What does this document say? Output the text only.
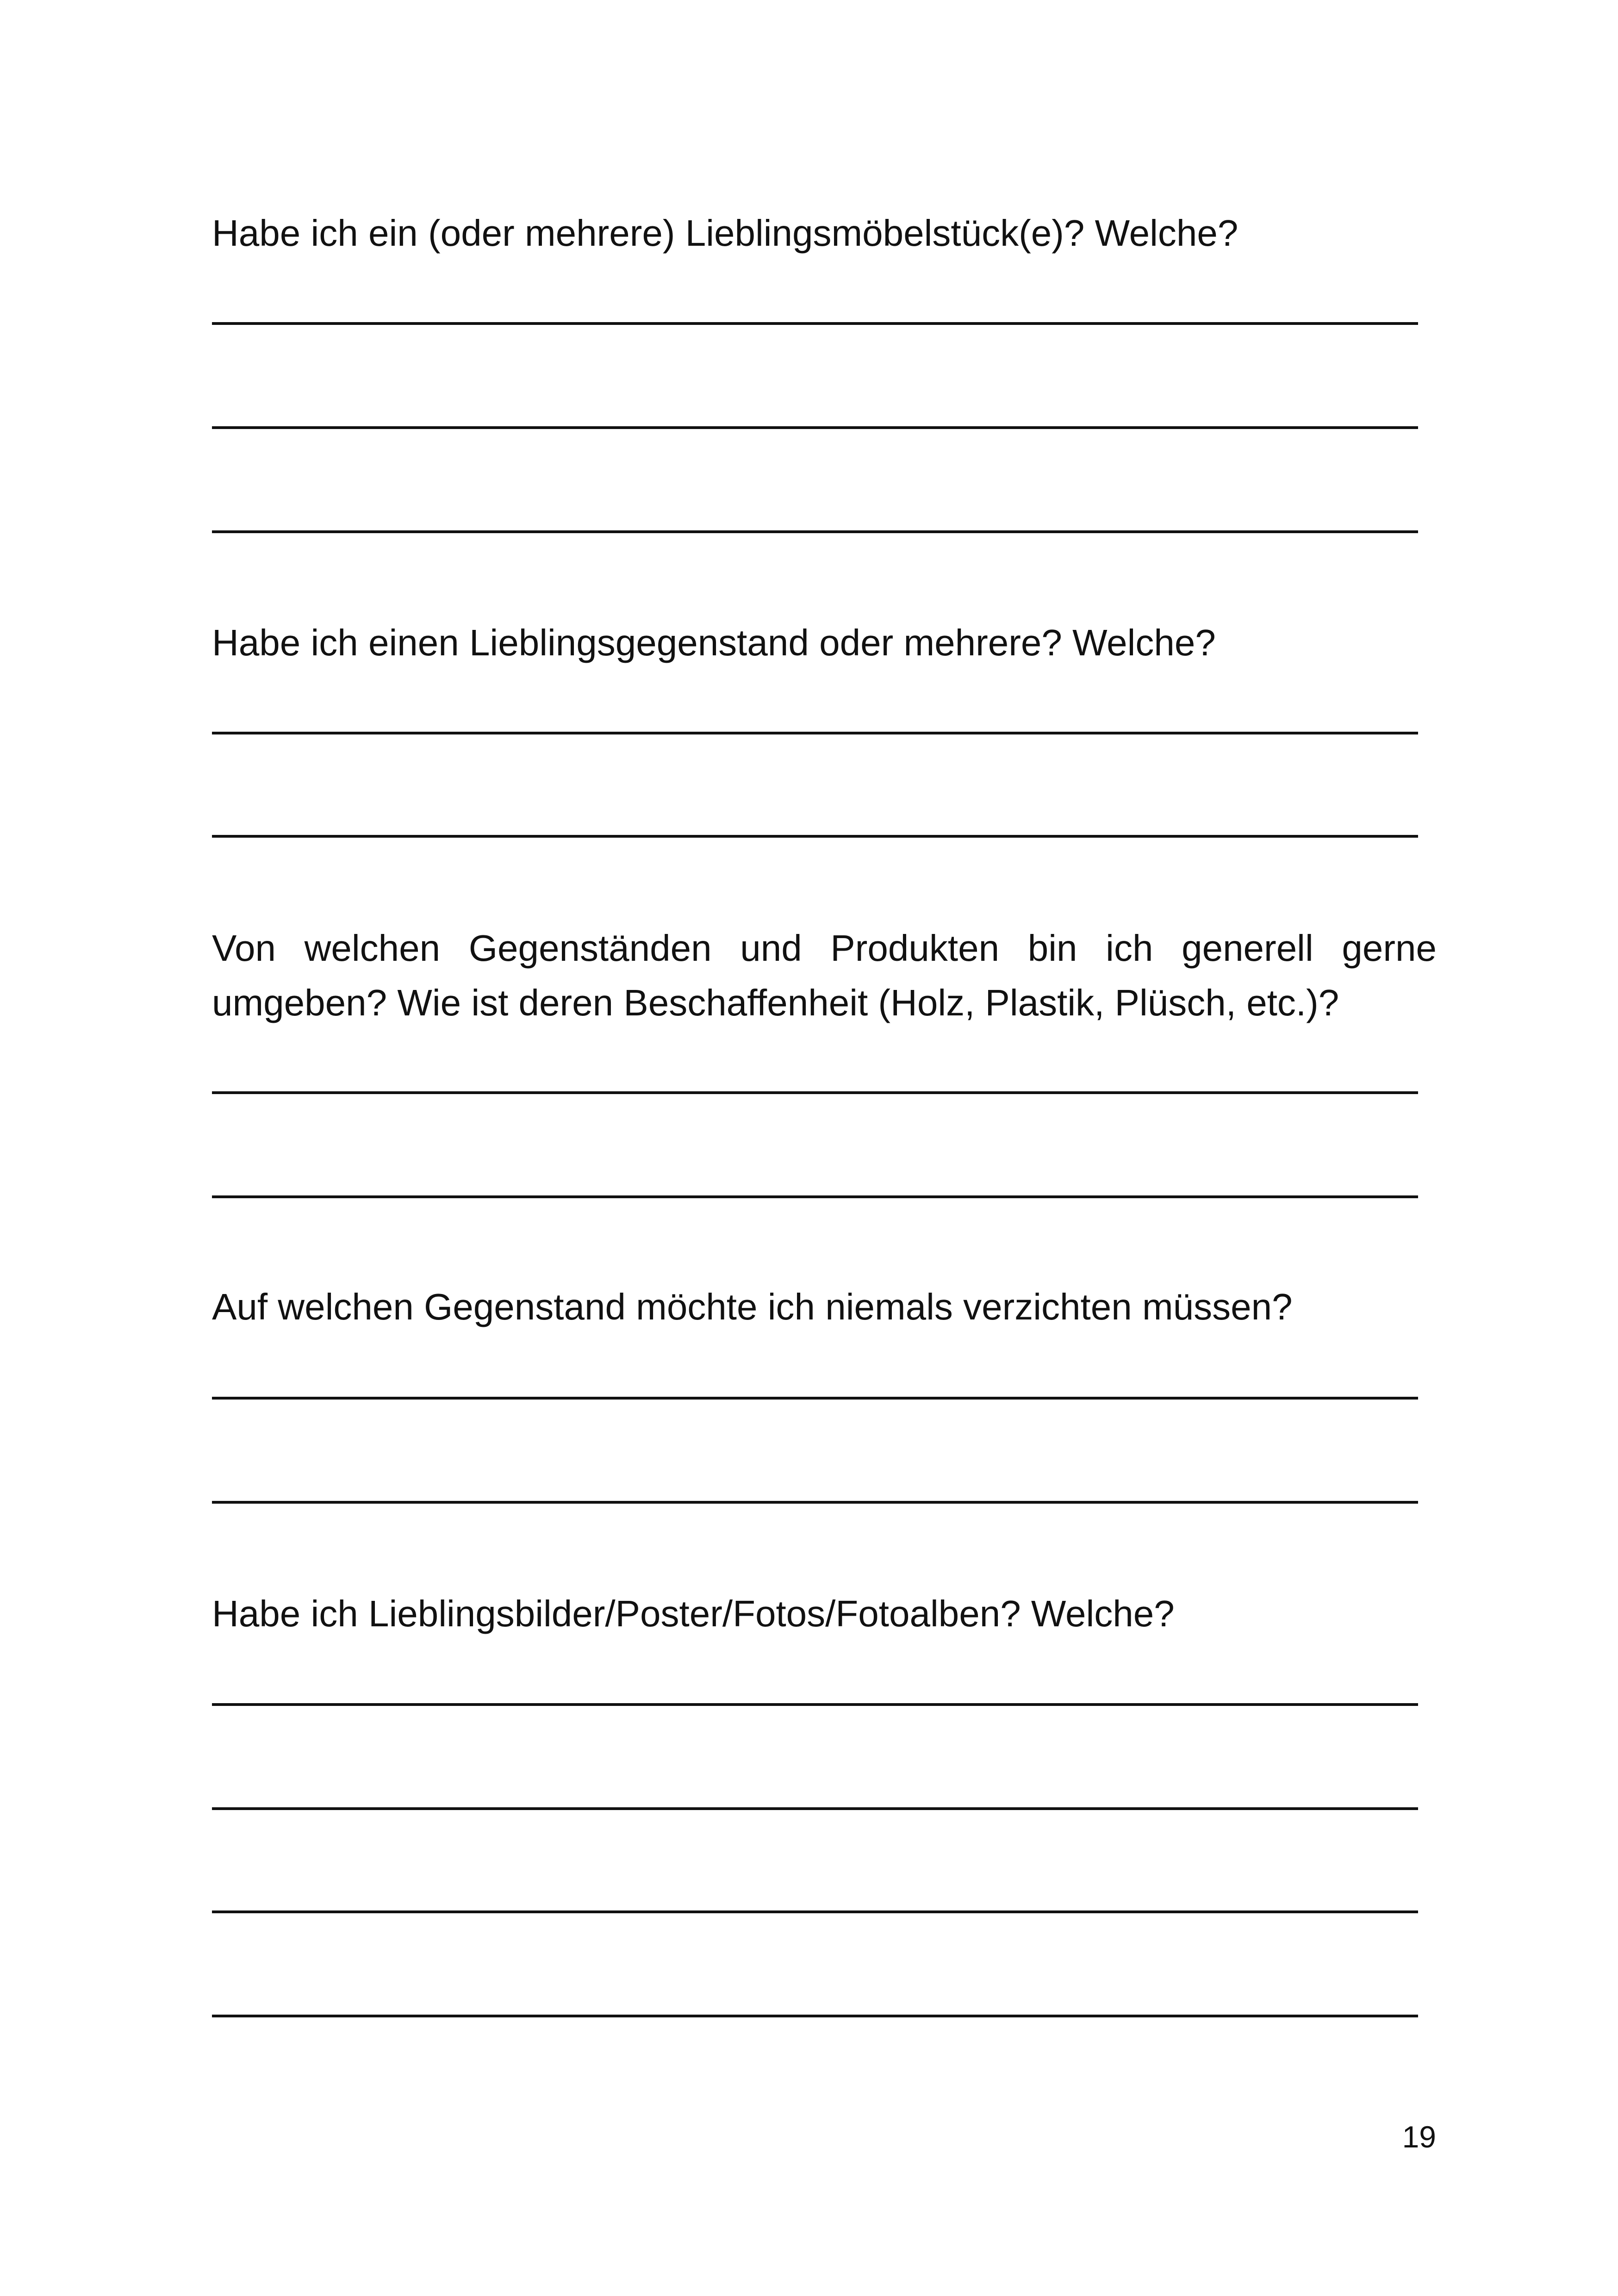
Habe ich ein (oder mehrere) Lieblingsmöbelstück(e)? Welche?

Habe ich einen Lieblingsgegenstand oder mehrere? Welche?

Von welchen Gegenständen und Produkten bin ich generell gerne umgeben? Wie ist deren Beschaffenheit (Holz, Plastik, Plüsch, etc.)?

Auf welchen Gegenstand möchte ich niemals verzichten müssen?

Habe ich Lieblingsbilder/Poster/Fotos/Fotoalben? Welche?

19
